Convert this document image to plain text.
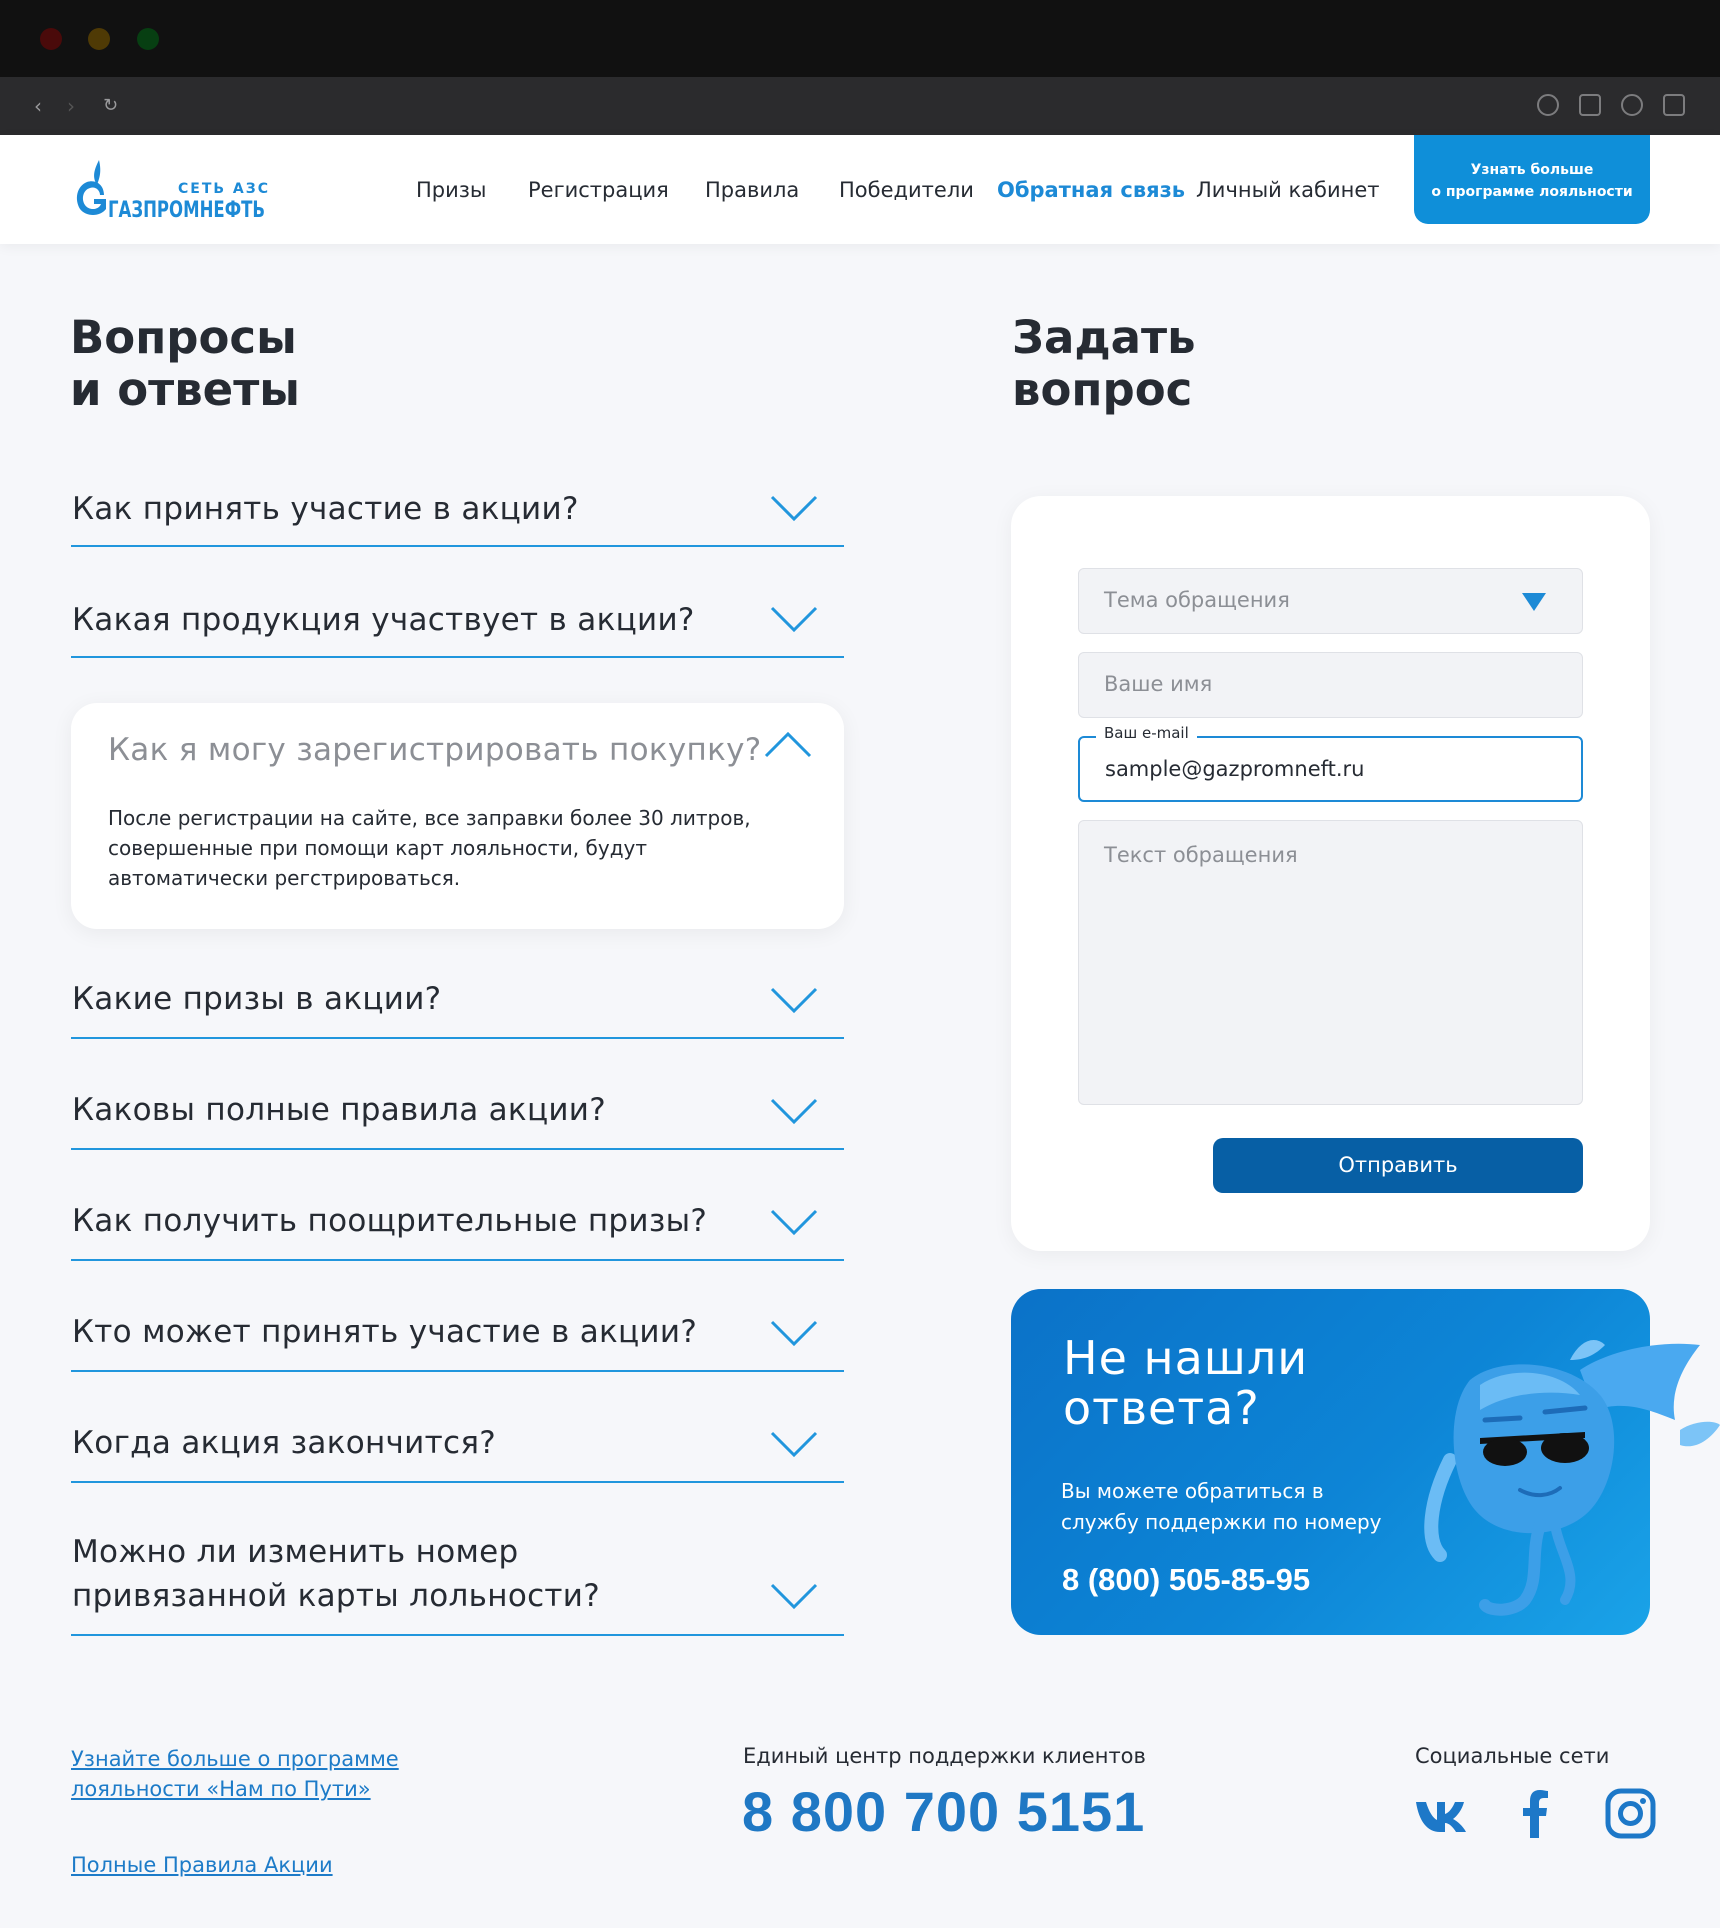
‹ › ↻
СЕТЬ АЗС
ГАЗПРОМНЕФТЬ
Призы Регистрация Правила Победители Обратная связь Личный кабинет
Узнать больше
о программе лояльности
Вопросы
и ответы
Как принять участие в акции?
Какая продукция участвует в акции?
Как я могу зарегистрировать покупку?

После регистрации на сайте, все заправки более 30 литров, совершенные при помощи карт лояльности, будут автоматически регстрироваться.

Какие призы в акции?
Каковы полные правила акции?
Как получить поощрительные призы?
Кто может принять участие в акции?
Когда акция закончится?
Можно ли изменить номер
привязанной карты лольности?
Задать
вопрос
Тема обращения
Ваше имя
sample@gazpromneft.ru
Ваш e-mail
Текст обращения
Отправить
Не нашли
ответа?

Вы можете обратиться в службу поддержки по номеру

8 (800) 505-85-95
Узнайте больше о программе
лояльности «Нам по Пути»
Полные Правила Акции
Единый центр поддержки клиентов
8 800 700 5151
Социальные сети
